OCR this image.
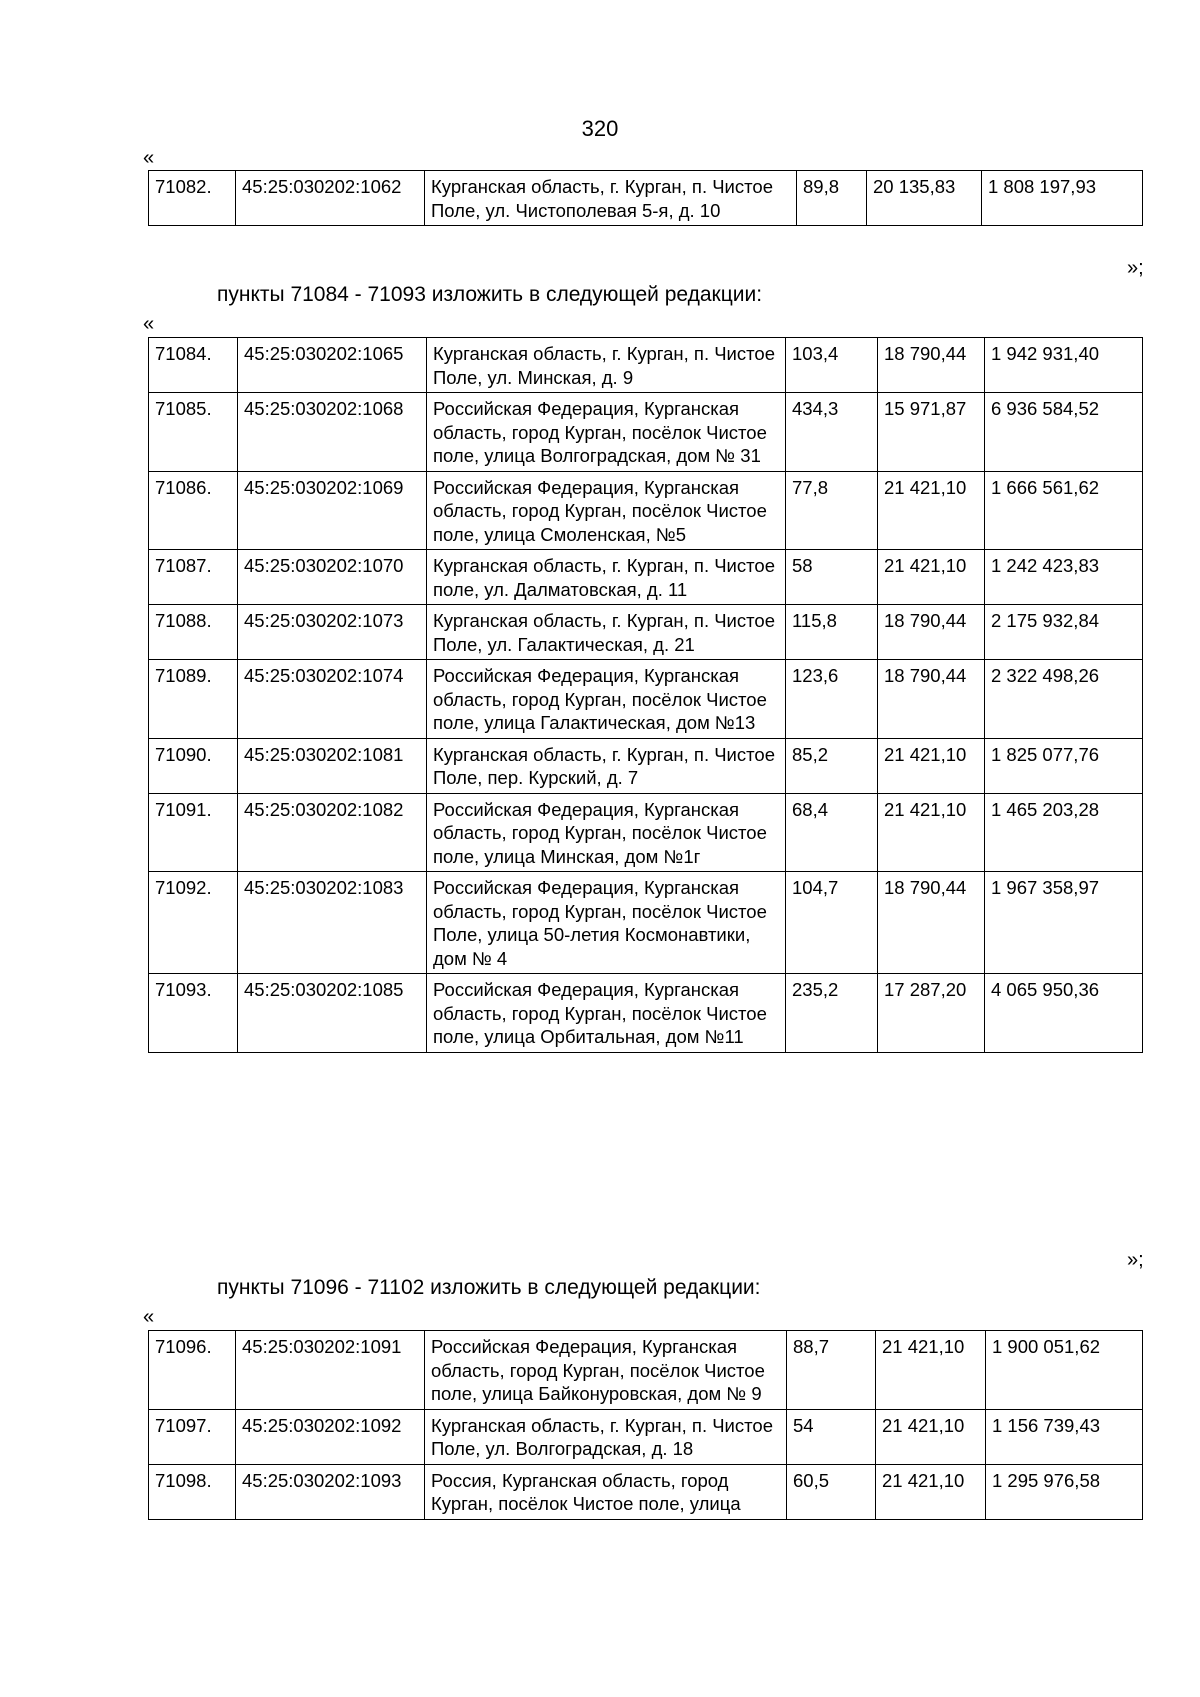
320
«
71082.	45:25:030202:1062	Курганская область, г. Курган, п. Чистое Поле, ул. Чистополевая 5-я, д. 10	89,8	20 135,83	1 808 197,93
»;
пункты 71084 - 71093 изложить в следующей редакции:
«
71084.	45:25:030202:1065	Курганская область, г. Курган, п. Чистое Поле, ул. Минская, д. 9	103,4	18 790,44	1 942 931,40
71085.	45:25:030202:1068	Российская Федерация, Курганская область, город Курган, посёлок Чистое поле, улица Волгоградская, дом № 31	434,3	15 971,87	6 936 584,52
71086.	45:25:030202:1069	Российская Федерация, Курганская область, город Курган, посёлок Чистое поле, улица Смоленская, №5	77,8	21 421,10	1 666 561,62
71087.	45:25:030202:1070	Курганская область, г. Курган, п. Чистое поле, ул. Далматовская, д. 11	58	21 421,10	1 242 423,83
71088.	45:25:030202:1073	Курганская область, г. Курган, п. Чистое Поле, ул. Галактическая, д. 21	115,8	18 790,44	2 175 932,84
71089.	45:25:030202:1074	Российская Федерация, Курганская область, город Курган, посёлок Чистое поле, улица Галактическая, дом №13	123,6	18 790,44	2 322 498,26
71090.	45:25:030202:1081	Курганская область, г. Курган, п. Чистое Поле, пер. Курский, д. 7	85,2	21 421,10	1 825 077,76
71091.	45:25:030202:1082	Российская Федерация, Курганская область, город Курган, посёлок Чистое поле, улица Минская, дом №1г	68,4	21 421,10	1 465 203,28
71092.	45:25:030202:1083	Российская Федерация, Курганская область, город Курган, посёлок Чистое Поле, улица 50-летия Космонавтики, дом № 4	104,7	18 790,44	1 967 358,97
71093.	45:25:030202:1085	Российская Федерация, Курганская область, город Курган, посёлок Чистое поле, улица Орбитальная, дом №11	235,2	17 287,20	4 065 950,36
»;
пункты 71096 - 71102 изложить в следующей редакции:
«
71096.	45:25:030202:1091	Российская Федерация, Курганская область, город Курган, посёлок Чистое поле, улица Байконуровская, дом № 9	88,7	21 421,10	1 900 051,62
71097.	45:25:030202:1092	Курганская область, г. Курган, п. Чистое Поле, ул. Волгоградская, д. 18	54	21 421,10	1 156 739,43
71098.	45:25:030202:1093	Россия, Курганская область, город Курган, посёлок Чистое поле, улица	60,5	21 421,10	1 295 976,58
